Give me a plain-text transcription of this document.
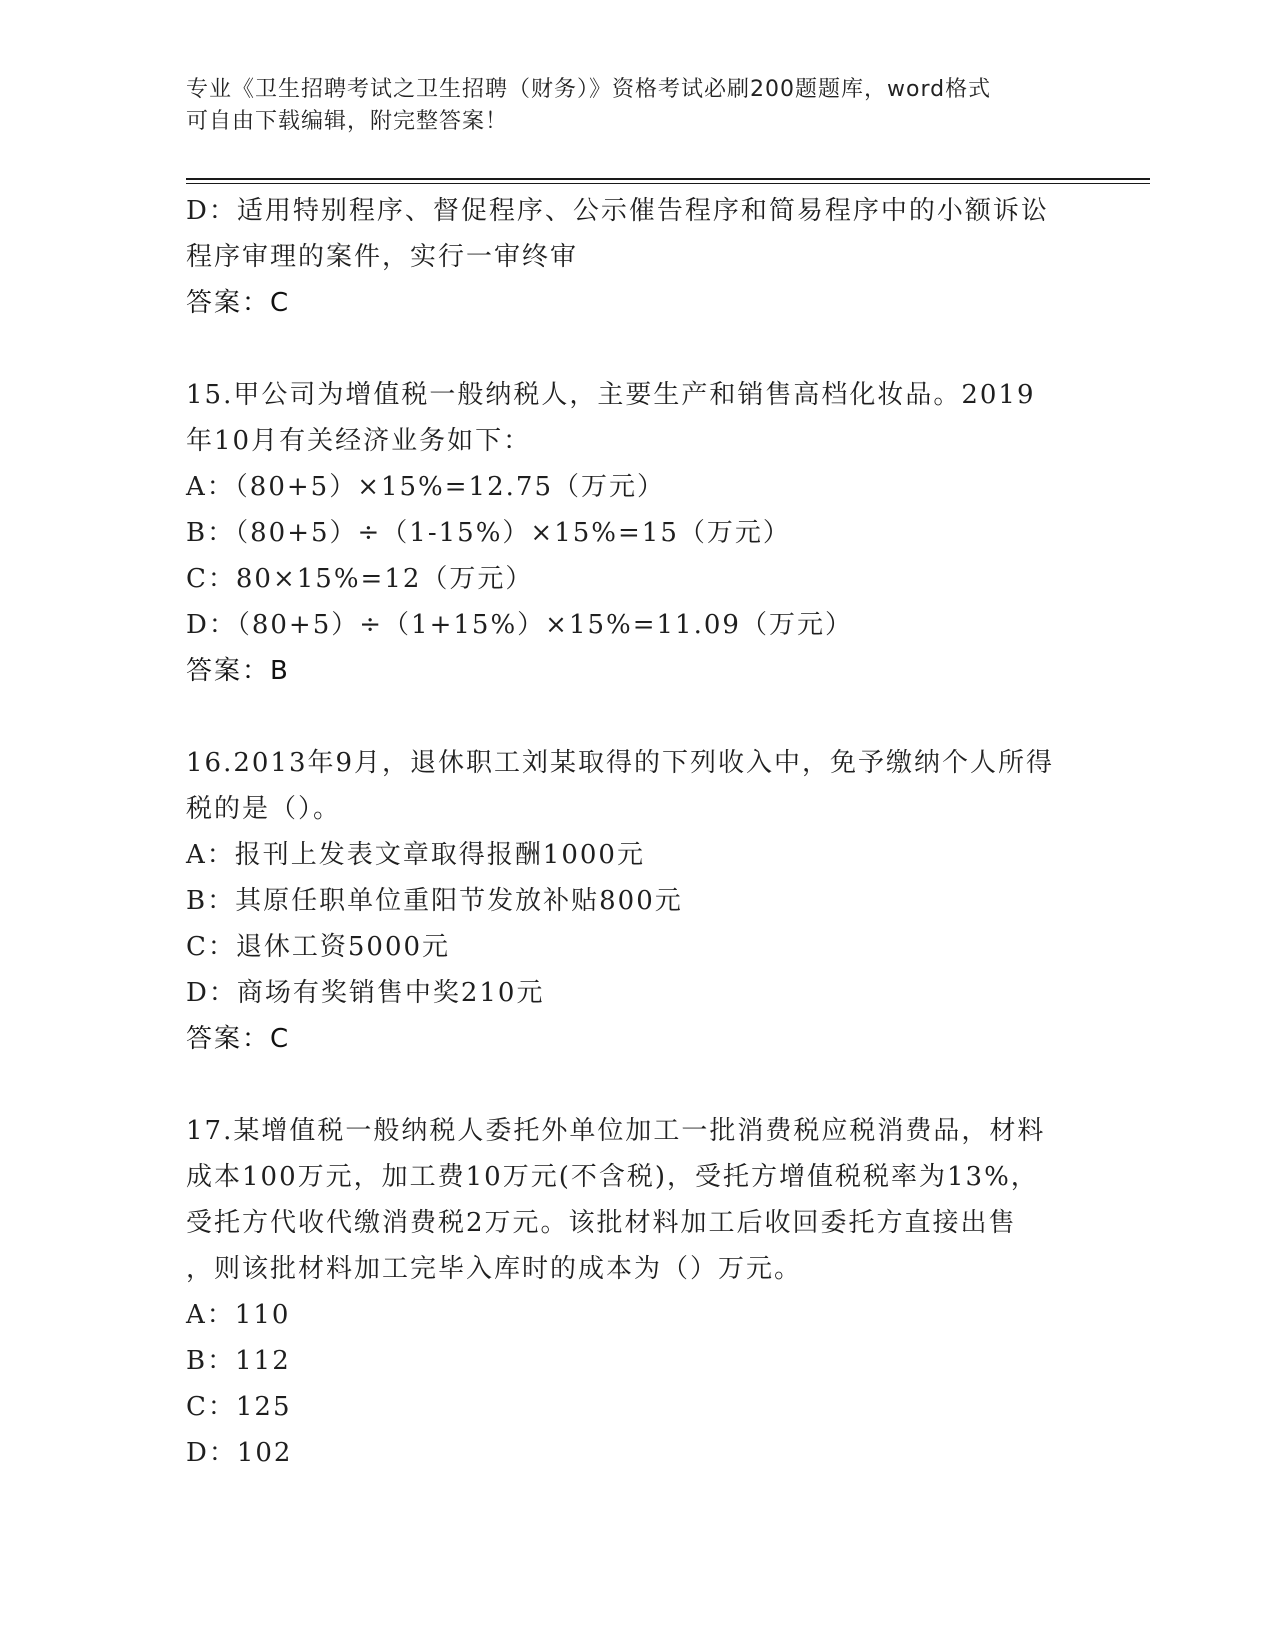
专业《卫生招聘考试之卫生招聘（财务）》资格考试必刷200题题库，word格式
可自由下载编辑，附完整答案！
D：适用特别程序、督促程序、公示催告程序和简易程序中的小额诉讼
程序审理的案件，实行一审终审
答案：C
15.甲公司为增值税一般纳税人，主要生产和销售高档化妆品。2019
年10月有关经济业务如下：
A：（80+5）×15%=12.75（万元）
B：（80+5）÷（1-15%）×15%=15（万元）
C：80×15%=12（万元）
D：（80+5）÷（1+15%）×15%=11.09（万元）
答案：B
16.2013年9月，退休职工刘某取得的下列收入中，免予缴纳个人所得
税的是（）。
A：报刊上发表文章取得报酬1000元
B：其原任职单位重阳节发放补贴800元
C：退休工资5000元
D：商场有奖销售中奖210元
答案：C
17.某增值税一般纳税人委托外单位加工一批消费税应税消费品，材料
成本100万元，加工费10万元(不含税)，受托方增值税税率为13%，
受托方代收代缴消费税2万元。该批材料加工后收回委托方直接出售
，则该批材料加工完毕入库时的成本为（）万元。
A：110
B：112
C：125
D：102
